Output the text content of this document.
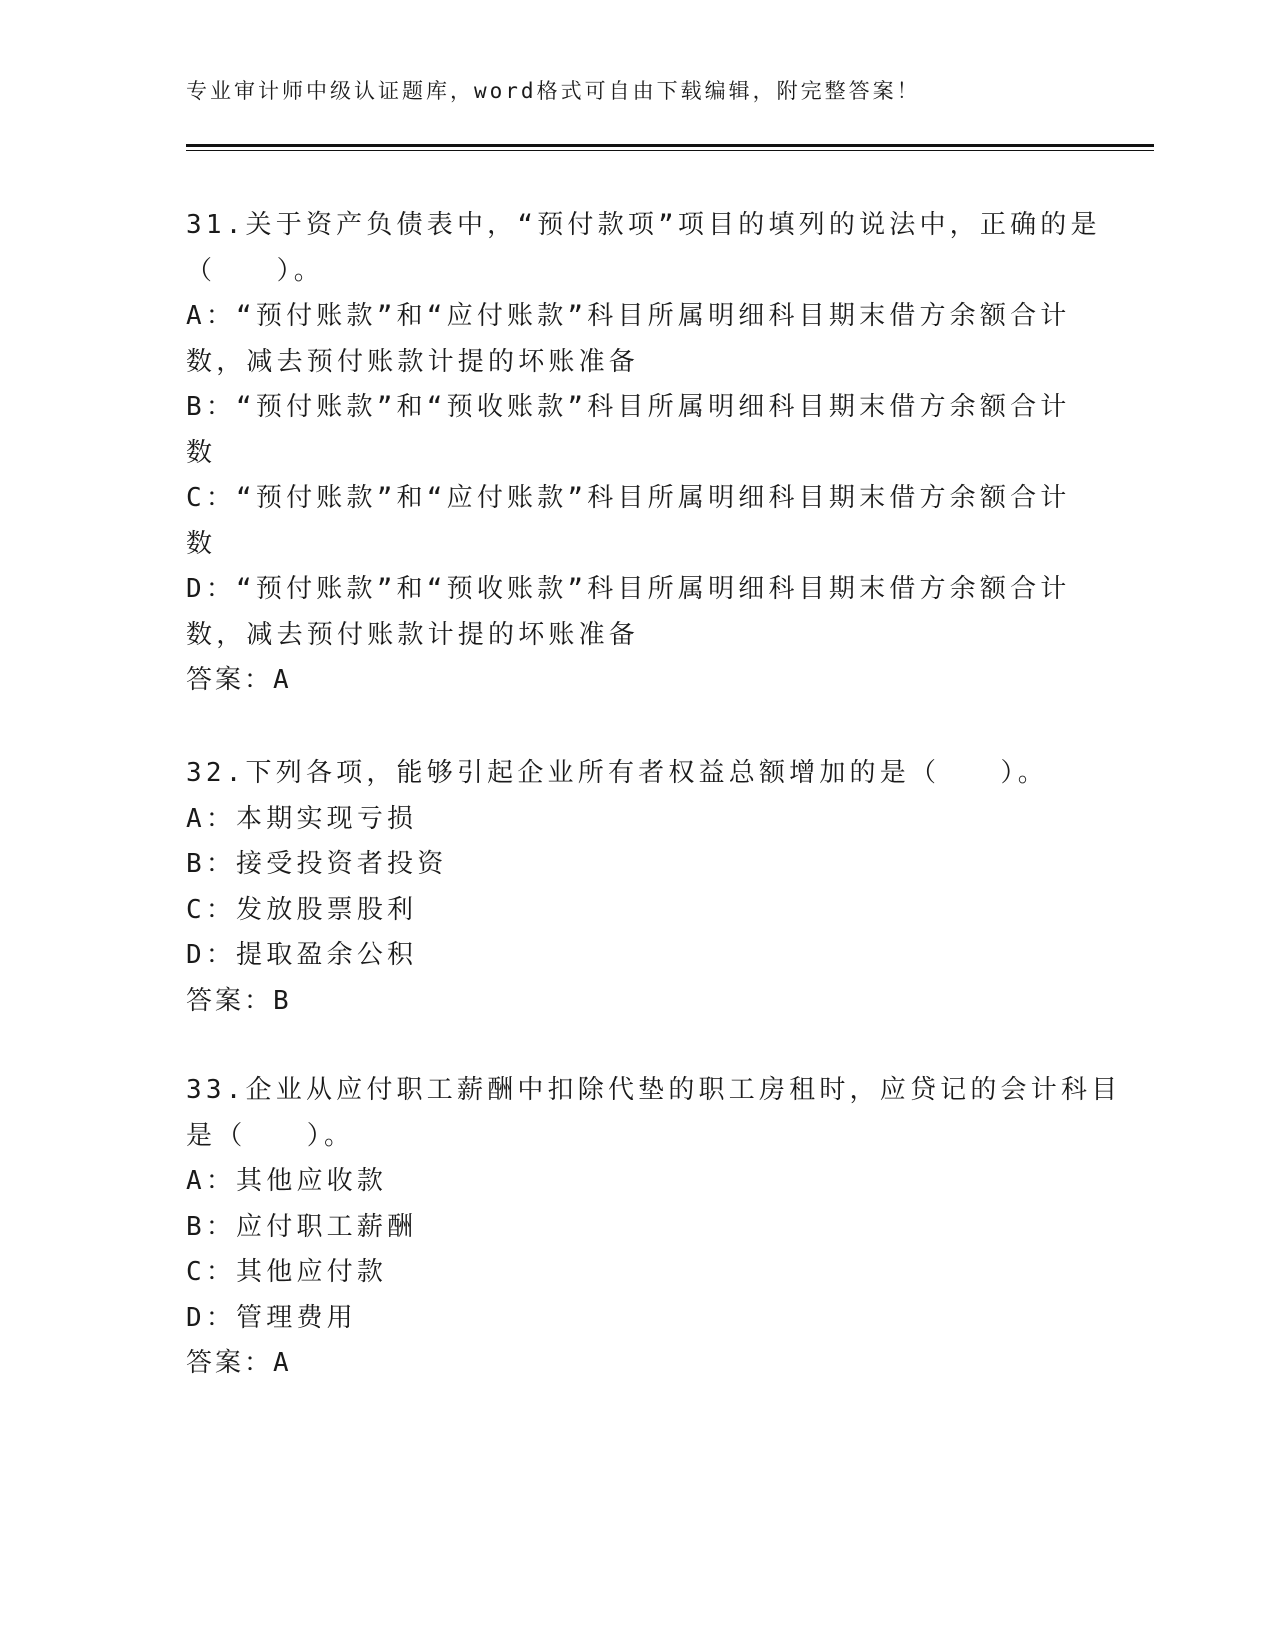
专业审计师中级认证题库，word格式可自由下载编辑，附完整答案！
31.关于资产负债表中，“预付款项”项目的填列的说法中，正确的是
（　　）。
A：“预付账款”和“应付账款”科目所属明细科目期末借方余额合计
数，减去预付账款计提的坏账准备
B：“预付账款”和“预收账款”科目所属明细科目期末借方余额合计
数
C：“预付账款”和“应付账款”科目所属明细科目期末借方余额合计
数
D：“预付账款”和“预收账款”科目所属明细科目期末借方余额合计
数，减去预付账款计提的坏账准备
答案：A
32.下列各项，能够引起企业所有者权益总额增加的是（　　）。
A：本期实现亏损
B：接受投资者投资
C：发放股票股利
D：提取盈余公积
答案：B
33.企业从应付职工薪酬中扣除代垫的职工房租时，应贷记的会计科目
是（　　）。
A：其他应收款
B：应付职工薪酬
C：其他应付款
D：管理费用
答案：A
